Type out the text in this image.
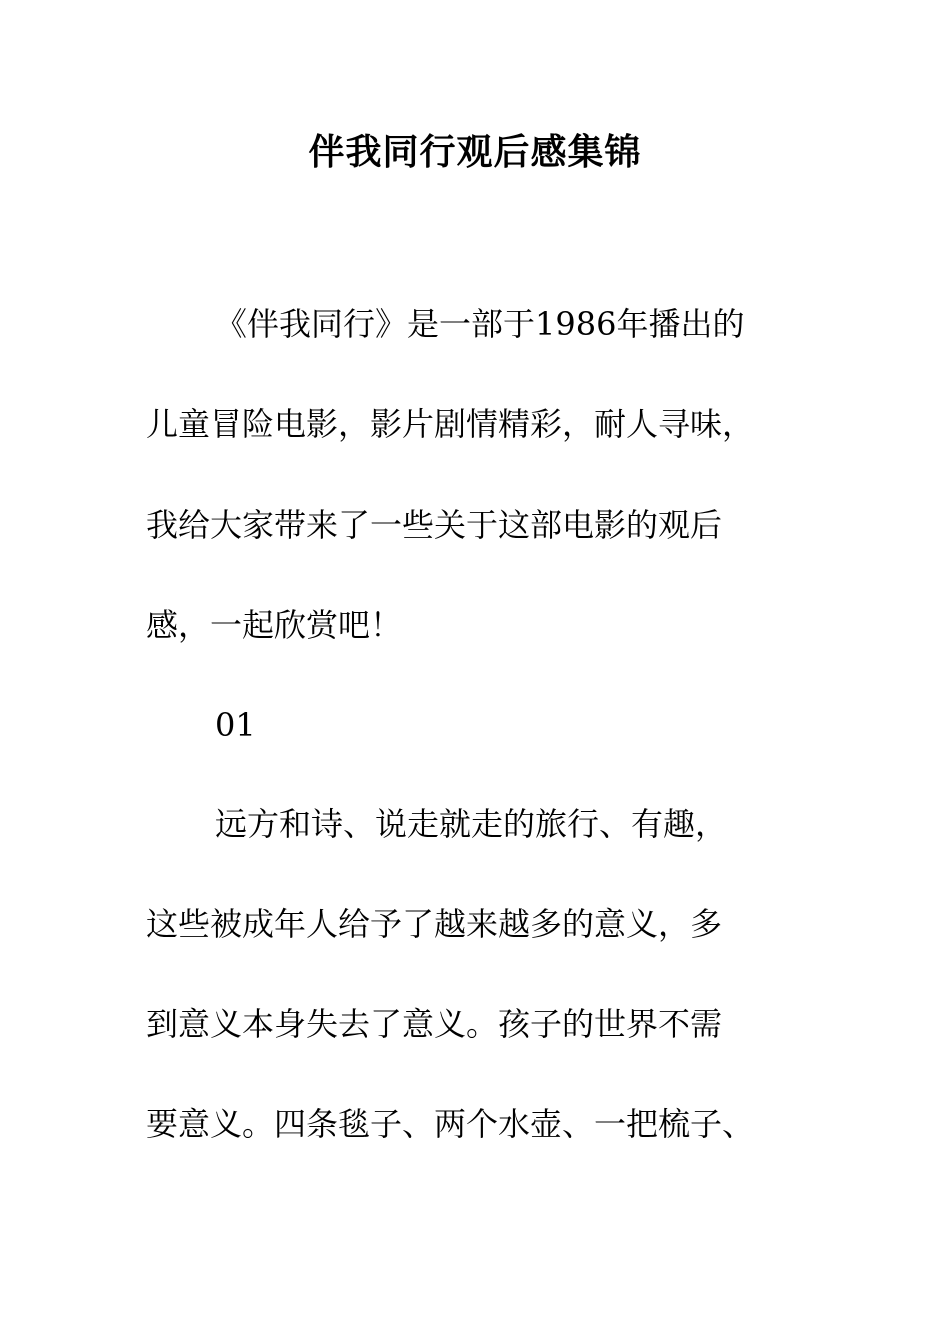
伴我同行观后感集锦
《伴我同行》是一部于1986年播出的
儿童冒险电影，影片剧情精彩，耐人寻味，
我给大家带来了一些关于这部电影的观后
感，一起欣赏吧！
01
远方和诗、说走就走的旅行、有趣，
这些被成年人给予了越来越多的意义，多
到意义本身失去了意义。孩子的世界不需
要意义。四条毯子、两个水壶、一把梳子、
